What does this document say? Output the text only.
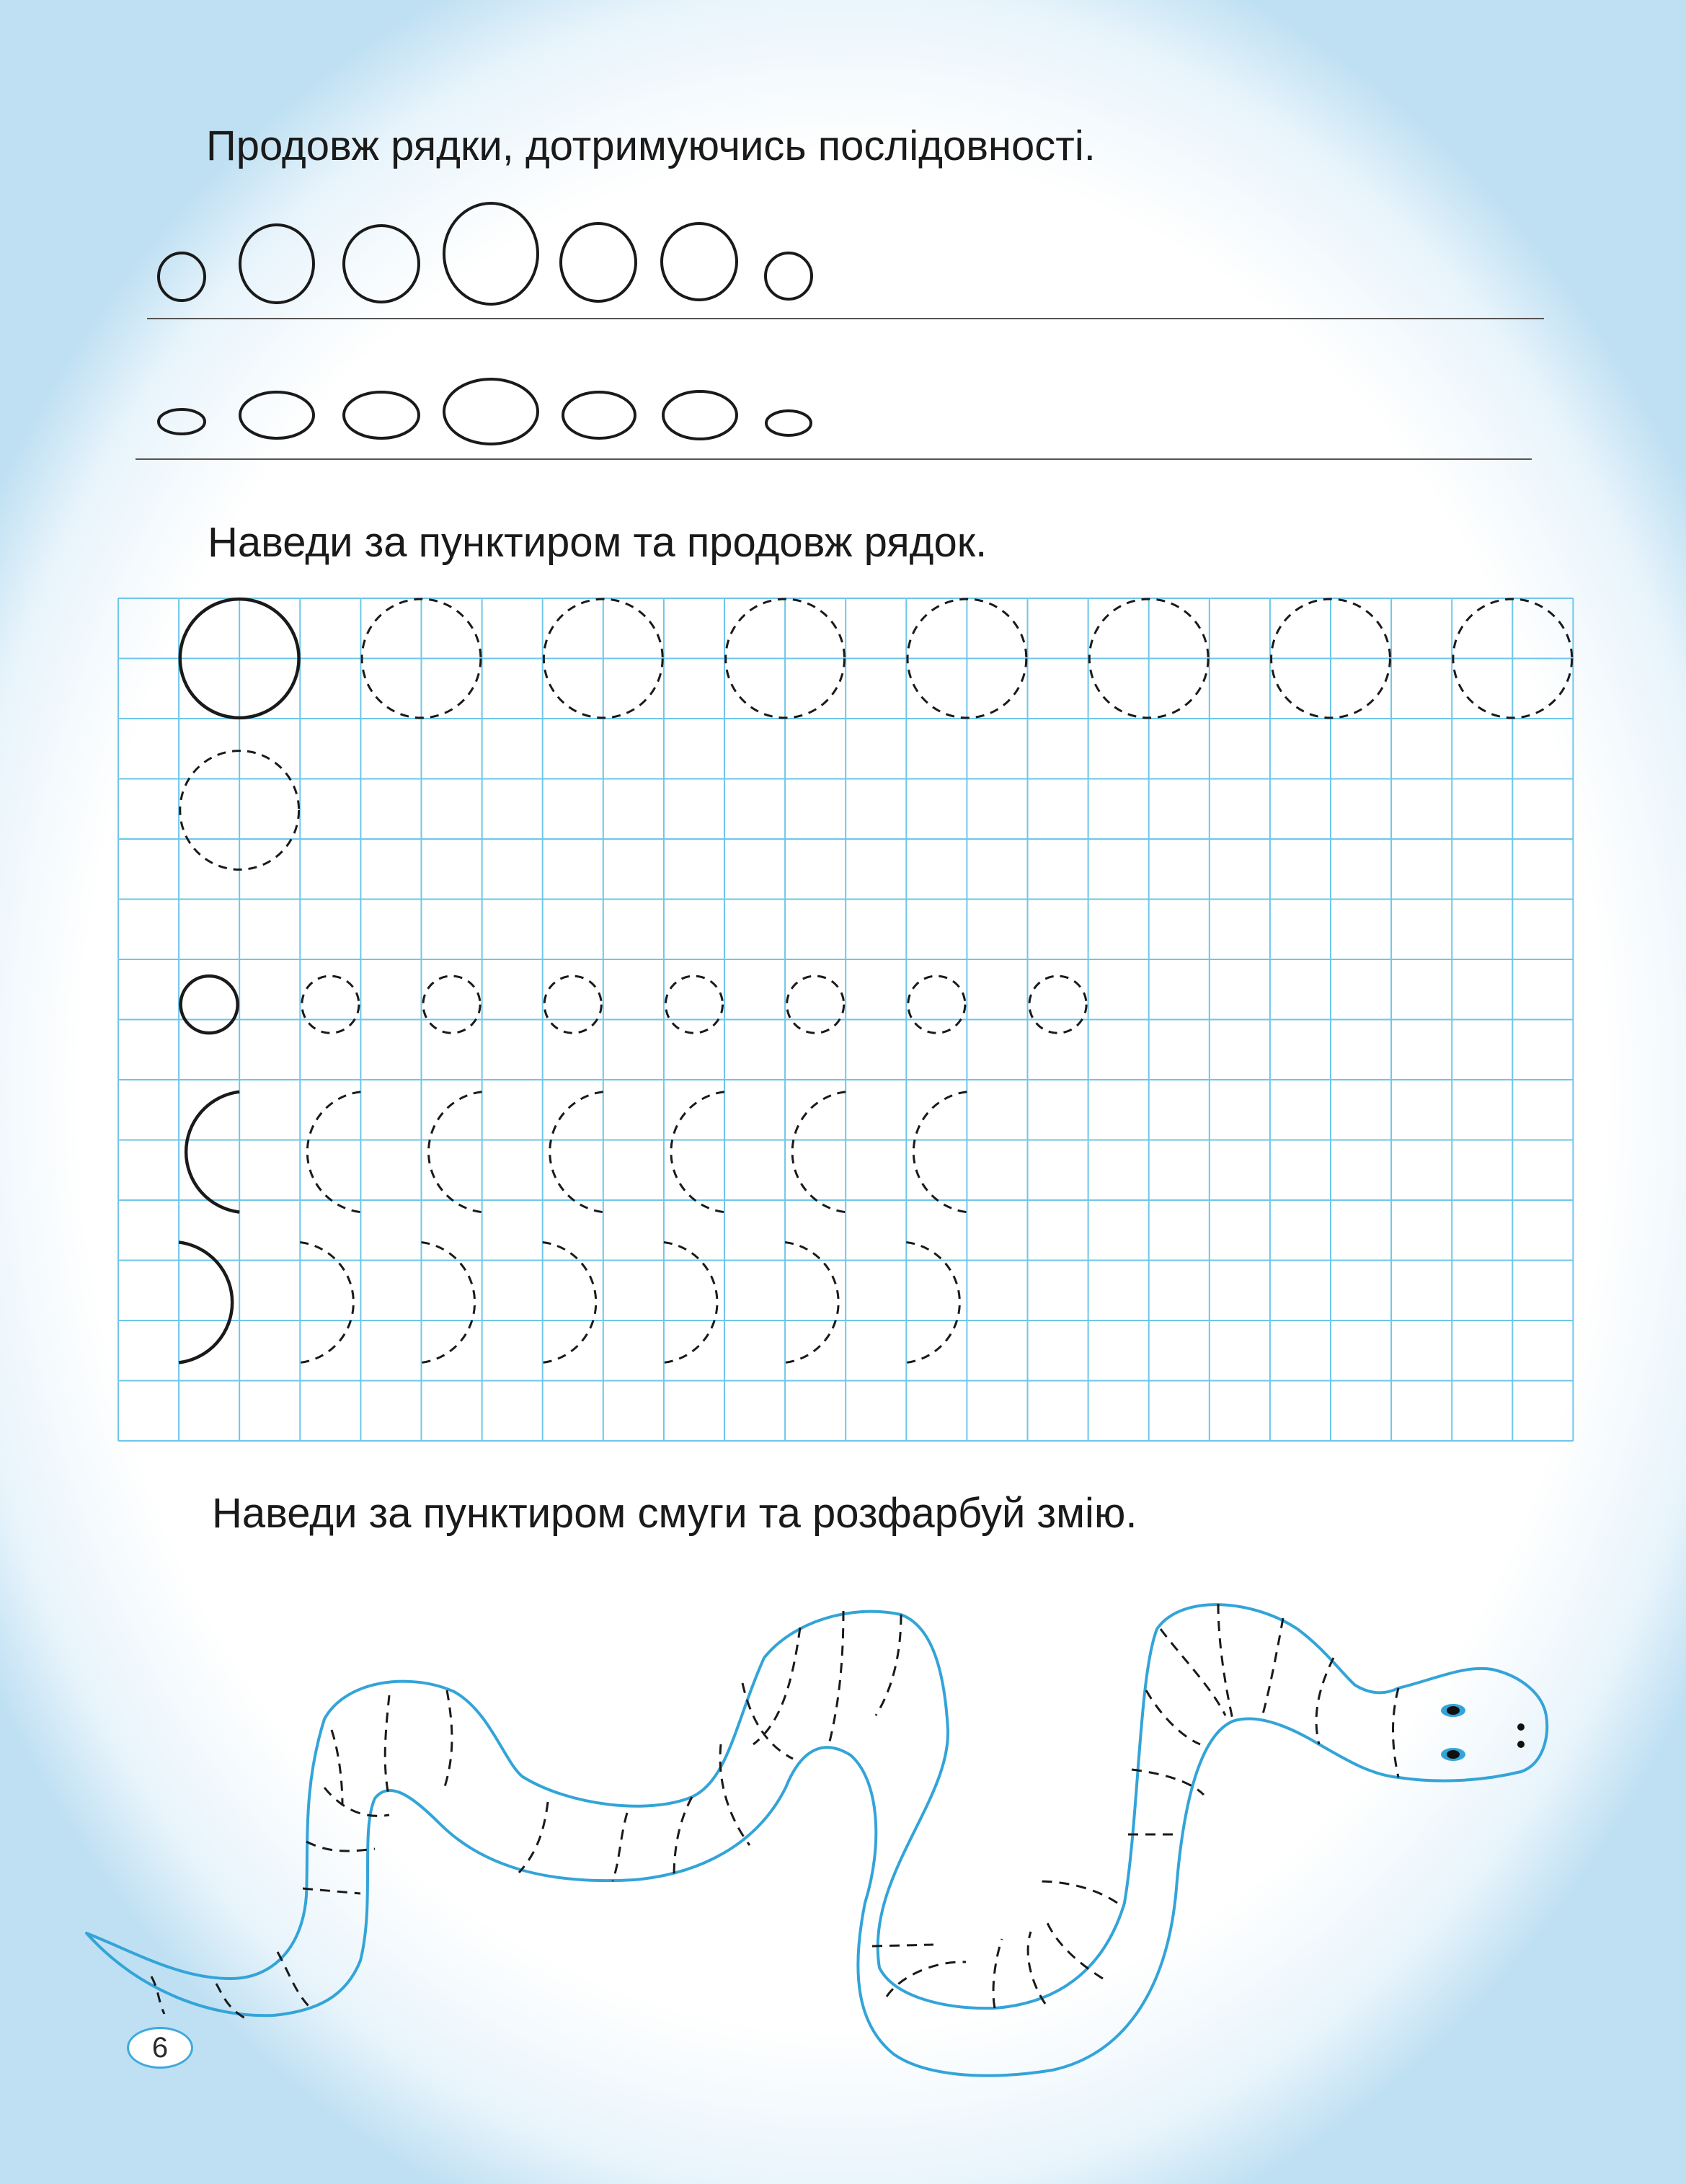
Продовж рядки, дотримуючись послідовності.
Наведи за пунктиром та продовж рядок.
Наведи за пунктиром смуги та розфарбуй змію.
6
